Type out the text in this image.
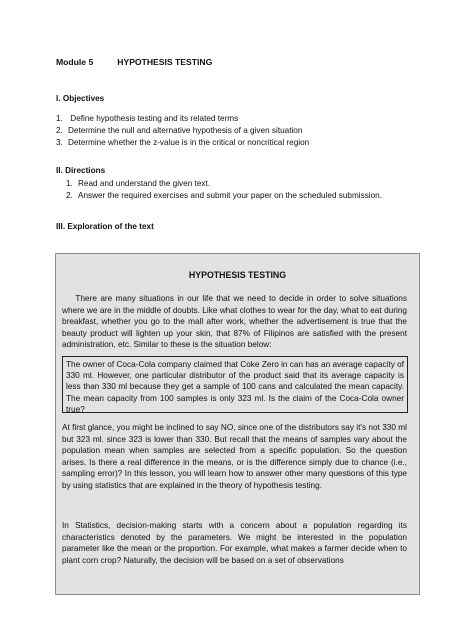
Module 5	HYPOTHESIS TESTING
I. Objectives
1. Define hypothesis testing and its related terms
2. Determine the null and alternative hypothesis of a given situation
3. Determine whether the z-value is in the critical or noncritical region
II. Directions
1. Read and understand the given text.
2. Answer the required exercises and submit your paper on the scheduled submission.
III. Exploration of the text
HYPOTHESIS TESTING
There are many situations in our life that we need to decide in order to solve situations where we are in the middle of doubts. Like what clothes to wear for the day, what to eat during breakfast, whether you go to the mall after work, whether the advertisement is true that the beauty product will lighten up your skin, that 87% of Filipinos are satisfied with the present administration, etc. Similar to these is the situation below:
The owner of Coca-Cola company claimed that Coke Zero in can has an average capacity of 330 ml. However, one particular distributor of the product said that its average capacity is less than 330 ml because they get a sample of 100 cans and calculated the mean capacity. The mean capacity from 100 samples is only 323 ml. Is the claim of the Coca-Cola owner true?
At first glance, you might be inclined to say NO, since one of the distributors say it's not 330 ml but 323 ml. since 323 is lower than 330. But recall that the means of samples vary about the population mean when samples are selected from a specific population. So the question arises. Is there a real difference in the means, or is the difference simply due to chance (i.e., sampling error)? In this lesson, you will learn how to answer other many questions of this type by using statistics that are explained in the theory of hypothesis testing.
In Statistics, decision-making starts with a concern about a population regarding its characteristics denoted by the parameters. We might be interested in the population parameter like the mean or the proportion. For example, what makes a farmer decide when to plant corn crop? Naturally, the decision will be based on a set of observations
